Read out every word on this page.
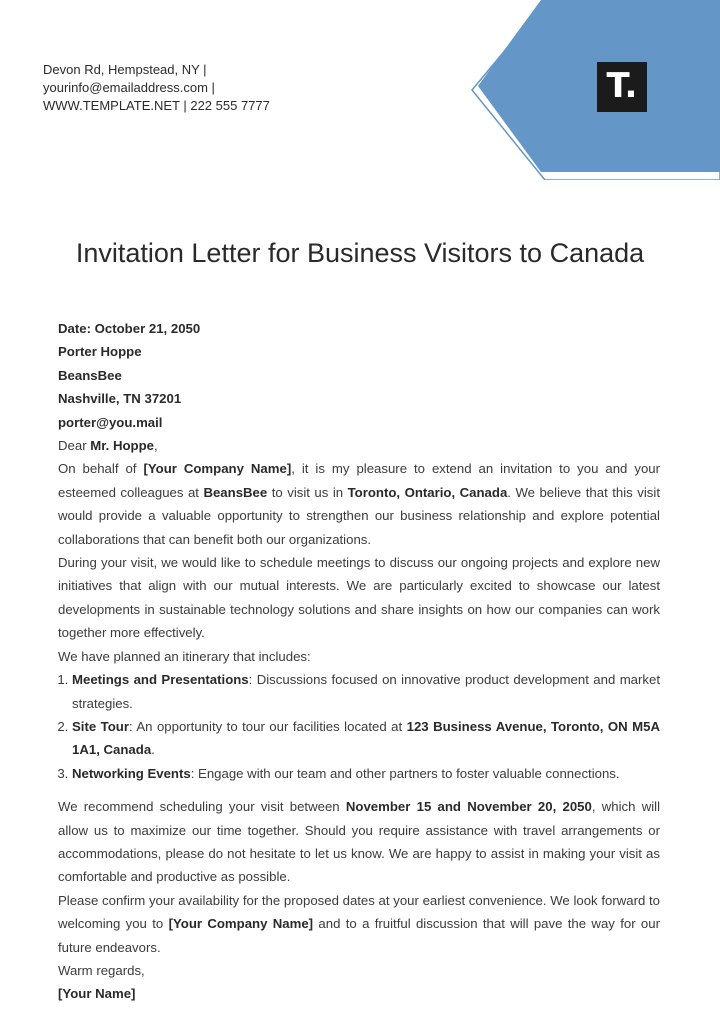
T.
Devon Rd, Hempstead, NY |
yourinfo@emailaddress.com |
WWW.TEMPLATE.NET | 222 555 7777
Invitation Letter for Business Visitors to Canada

Date: October 21, 2050

Porter Hoppe

BeansBee

Nashville, TN 37201

porter@you.mail

Dear Mr. Hoppe,

On behalf of [Your Company Name], it is my pleasure to extend an invitation to you and your esteemed colleagues at BeansBee to visit us in Toronto, Ontario, Canada. We believe that this visit would provide a valuable opportunity to strengthen our business relationship and explore potential collaborations that can benefit both our organizations.

During your visit, we would like to schedule meetings to discuss our ongoing projects and explore new initiatives that align with our mutual interests. We are particularly excited to showcase our latest developments in sustainable technology solutions and share insights on how our companies can work together more effectively.

We have planned an itinerary that includes:

1. Meetings and Presentations: Discussions focused on innovative product development and market strategies.
2. Site Tour: An opportunity to tour our facilities located at 123 Business Avenue, Toronto, ON M5A 1A1, Canada.
3. Networking Events: Engage with our team and other partners to foster valuable connections.

We recommend scheduling your visit between November 15 and November 20, 2050, which will allow us to maximize our time together. Should you require assistance with travel arrangements or accommodations, please do not hesitate to let us know. We are happy to assist in making your visit as comfortable and productive as possible.

Please confirm your availability for the proposed dates at your earliest convenience. We look forward to welcoming you to [Your Company Name] and to a fruitful discussion that will pave the way for our future endeavors.

Warm regards,

[Your Name]
